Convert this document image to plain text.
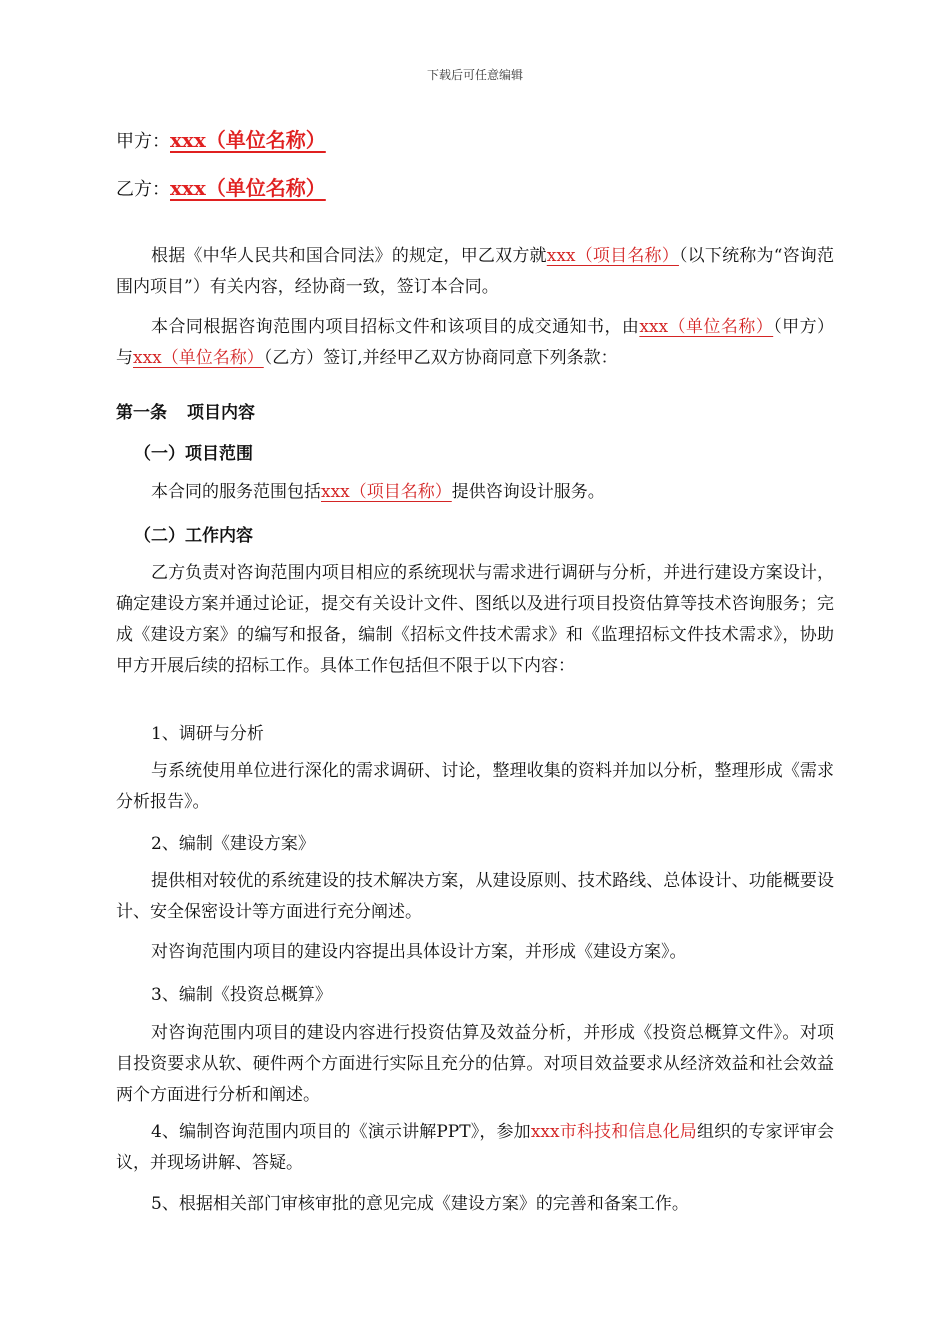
下载后可任意编辑
甲方：xxx（单位名称）
乙方：xxx（单位名称）
根据《中华人民共和国合同法》的规定，甲乙双方就xxx（项目名称）（以下统称为“咨询范围内项目”）有关内容，经协商一致，签订本合同。
本合同根据咨询范围内项目招标文件和该项目的成交通知书，由xxx（单位名称）（甲方）与xxx（单位名称）（乙方）签订,并经甲乙双方协商同意下列条款：
第一条 项目内容
（一）项目范围
本合同的服务范围包括xxx（项目名称）提供咨询设计服务。
（二）工作内容
乙方负责对咨询范围内项目相应的系统现状与需求进行调研与分析，并进行建设方案设计，确定建设方案并通过论证，提交有关设计文件、图纸以及进行项目投资估算等技术咨询服务；完成《建设方案》的编写和报备，编制《招标文件技术需求》和《监理招标文件技术需求》，协助甲方开展后续的招标工作。具体工作包括但不限于以下内容：
1、调研与分析
与系统使用单位进行深化的需求调研、讨论，整理收集的资料并加以分析，整理形成《需求分析报告》。
2、编制《建设方案》
提供相对较优的系统建设的技术解决方案，从建设原则、技术路线、总体设计、功能概要设计、安全保密设计等方面进行充分阐述。
对咨询范围内项目的建设内容提出具体设计方案，并形成《建设方案》。
3、编制《投资总概算》
对咨询范围内项目的建设内容进行投资估算及效益分析，并形成《投资总概算文件》。对项目投资要求从软、硬件两个方面进行实际且充分的估算。对项目效益要求从经济效益和社会效益两个方面进行分析和阐述。
4、编制咨询范围内项目的《演示讲解PPT》，参加xxx市科技和信息化局组织的专家评审会议，并现场讲解、答疑。
5、根据相关部门审核审批的意见完成《建设方案》的完善和备案工作。
